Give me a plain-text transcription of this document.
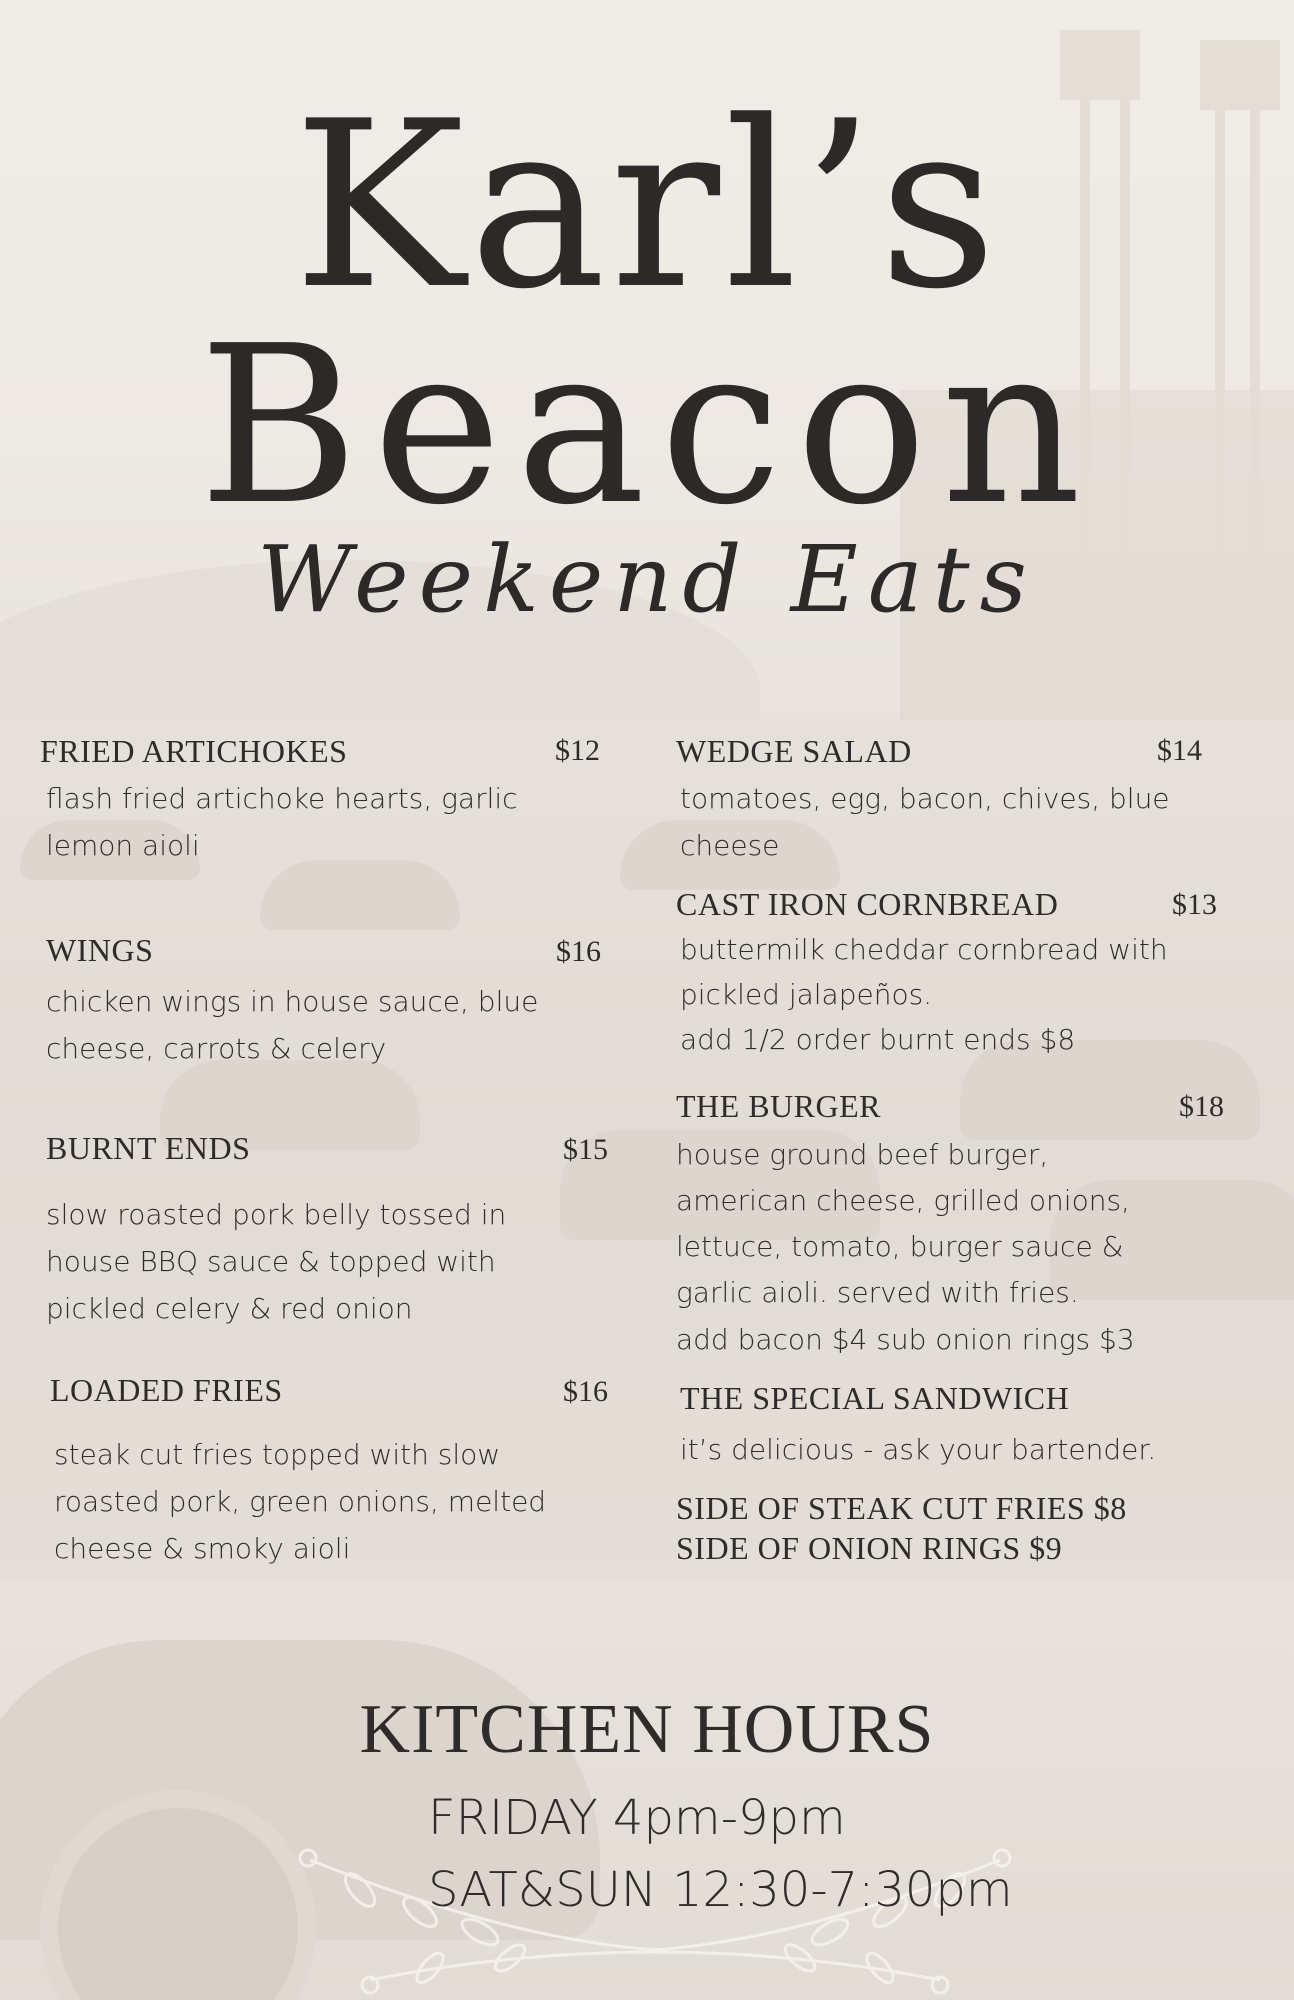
Karl’s
Beacon
Weekend Eats
FRIED ARTICHOKES	$12
flash fried artichoke hearts, garlic
lemon aioli
WINGS	$16
chicken wings in house sauce, blue
cheese, carrots & celery
BURNT ENDS	$15
slow roasted pork belly tossed in
house BBQ sauce & topped with
pickled celery & red onion
LOADED FRIES	$16
steak cut fries topped with slow
roasted pork, green onions, melted
cheese & smoky aioli
WEDGE SALAD	$14
tomatoes, egg, bacon, chives, blue
cheese
CAST IRON CORNBREAD	$13
buttermilk cheddar cornbread with
pickled jalapeños.
add 1/2 order burnt ends $8
THE BURGER	$18
house ground beef burger,
american cheese, grilled onions,
lettuce, tomato, burger sauce &
garlic aioli. served with fries.
add bacon $4 sub onion rings $3
THE SPECIAL SANDWICH
it’s delicious - ask your bartender.
SIDE OF STEAK CUT FRIES $8
SIDE OF ONION RINGS $9
KITCHEN HOURS
FRIDAY 4pm-9pm
SAT&SUN 12:30-7:30pm
